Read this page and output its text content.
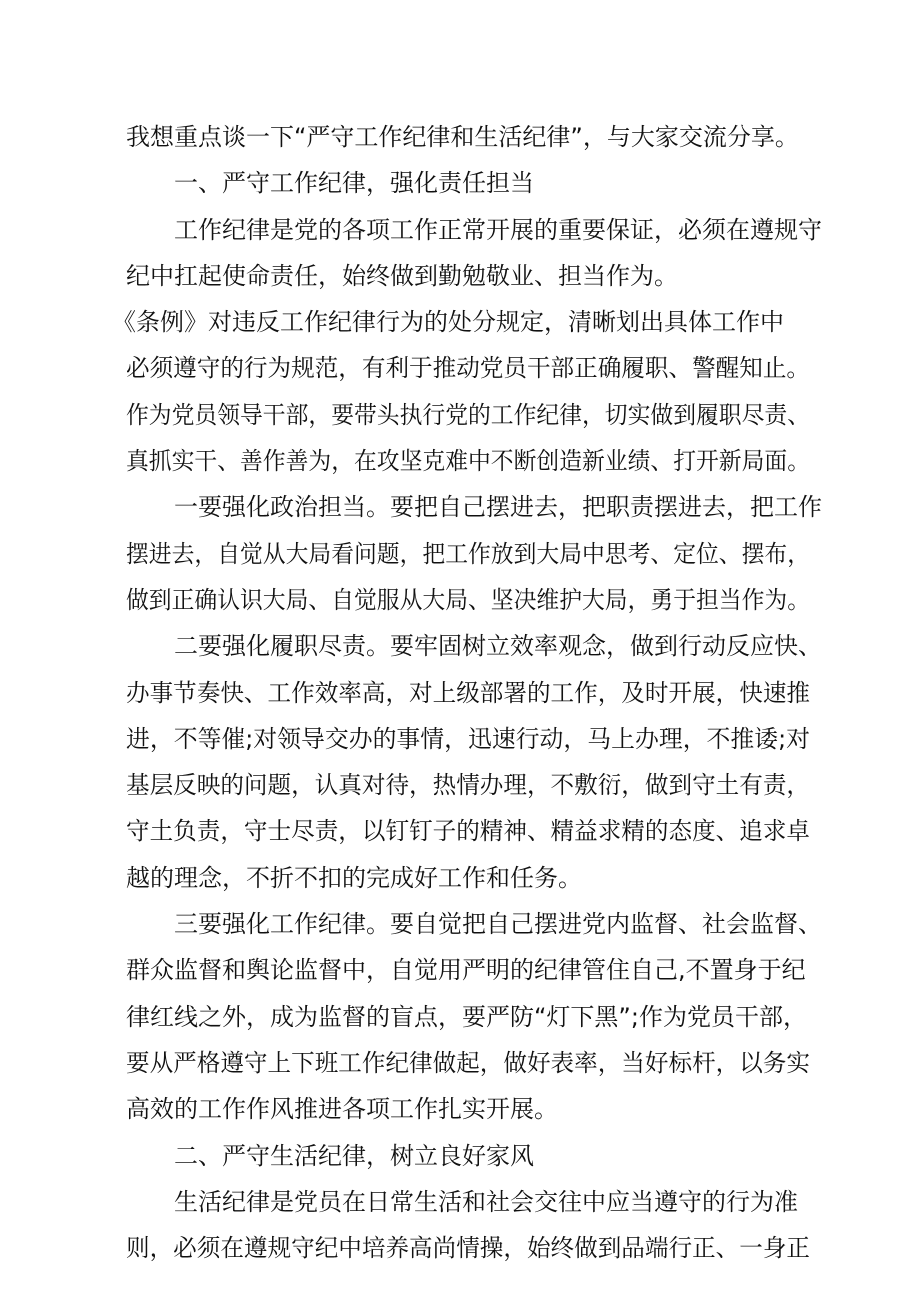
我想重点谈一下“严守工作纪律和生活纪律”，与大家交流分享。
一、严守工作纪律，强化责任担当
工作纪律是党的各项工作正常开展的重要保证，必须在遵规守
纪中扛起使命责任，始终做到勤勉敬业、担当作为。
《条例》对违反工作纪律行为的处分规定，清晰划出具体工作中
必须遵守的行为规范，有利于推动党员干部正确履职、警醒知止。
作为党员领导干部，要带头执行党的工作纪律，切实做到履职尽责、
真抓实干、善作善为，在攻坚克难中不断创造新业绩、打开新局面。
一要强化政治担当。要把自己摆进去，把职责摆进去，把工作
摆进去，自觉从大局看问题，把工作放到大局中思考、定位、摆布，
做到正确认识大局、自觉服从大局、坚决维护大局，勇于担当作为。
二要强化履职尽责。要牢固树立效率观念，做到行动反应快、
办事节奏快、工作效率高，对上级部署的工作，及时开展，快速推
进，不等催;对领导交办的事情，迅速行动，马上办理，不推诿;对
基层反映的问题，认真对待，热情办理，不敷衍，做到守土有责，
守土负责，守士尽责，以钉钉子的精神、精益求精的态度、追求卓
越的理念，不折不扣的完成好工作和任务。
三要强化工作纪律。要自觉把自己摆进党内监督、社会监督、
群众监督和舆论监督中，自觉用严明的纪律管住自己,不置身于纪
律红线之外，成为监督的盲点，要严防“灯下黑”;作为党员干部，
要从严格遵守上下班工作纪律做起，做好表率，当好标杆，以务实
高效的工作作风推进各项工作扎实开展。
二、严守生活纪律，树立良好家风
生活纪律是党员在日常生活和社会交往中应当遵守的行为准
则，必须在遵规守纪中培养高尚情操，始终做到品端行正、一身正
